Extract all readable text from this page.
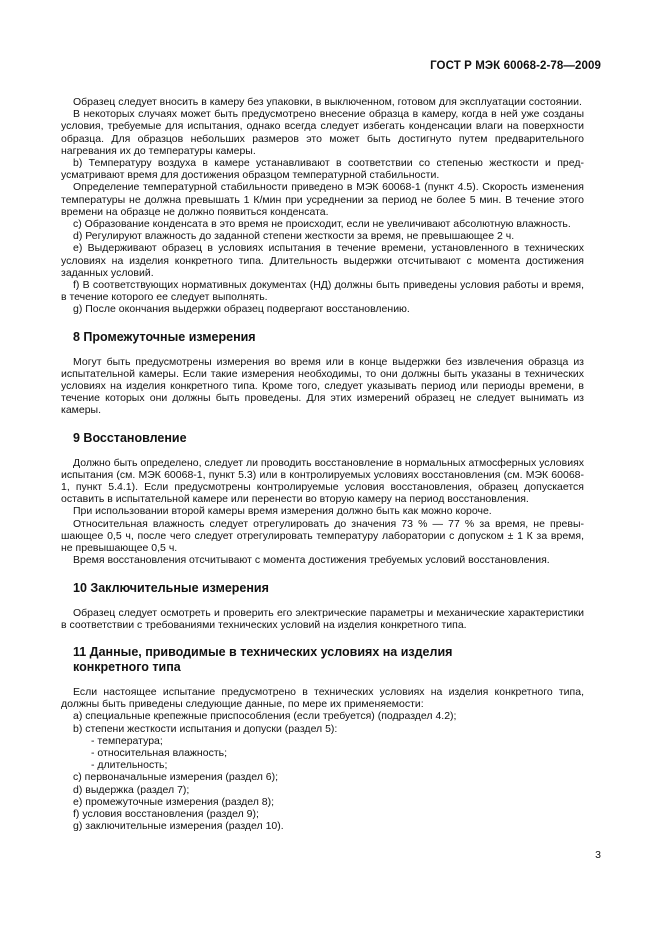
ГОСТ Р МЭК 60068-2-78—2009

Образец следует вносить в камеру без упаковки, в выключенном, готовом для эксплуатации состоянии.

В некоторых случаях может быть предусмотрено внесение образца в камеру, когда в ней уже созданы условия, требуемые для испытания, однако всегда следует избегать конденсации влаги на поверхности образца. Для образцов небольших размеров это может быть достигнуто путем предварительного нагревания их до температуры камеры.

b) Температуру воздуха в камере устанавливают в соответствии со степенью жесткости и предусматривают время для достижения образцом температурной стабильности.

Определение температурной стабильности приведено в МЭК 60068-1 (пункт 4.5). Скорость изменения температуры не должна превышать 1 К/мин при усреднении за период не более 5 мин. В течение этого времени на образце не должно появиться конденсата.

c) Образование конденсата в это время не происходит, если не увеличивают абсолютную влажность.

d) Регулируют влажность до заданной степени жесткости за время, не превышающее 2 ч.

e) Выдерживают образец в условиях испытания в течение времени, установленного в технических условиях на изделия конкретного типа. Длительность выдержки отсчитывают с момента достижения заданных условий.

f) В соответствующих нормативных документах (НД) должны быть приведены условия работы и время, в течение которого ее следует выполнять.

g) После окончания выдержки образец подвергают восстановлению.

8 Промежуточные измерения

Могут быть предусмотрены измерения во время или в конце выдержки без извлечения образца из испытательной камеры. Если такие измерения необходимы, то они должны быть указаны в технических условиях на изделия конкретного типа. Кроме того, следует указывать период или периоды времени, в течение которых они должны быть проведены. Для этих измерений образец не следует вынимать из камеры.

9 Восстановление

Должно быть определено, следует ли проводить восстановление в нормальных атмосферных условиях испытания (см. МЭК 60068-1, пункт 5.3) или в контролируемых условиях восстановления (см. МЭК 60068-1, пункт 5.4.1). Если предусмотрены контролируемые условия восстановления, образец допускается оставить в испытательной камере или перенести во вторую камеру на период восстановления.

При использовании второй камеры время измерения должно быть как можно короче.

Относительная влажность следует отрегулировать до значения 73 % — 77 % за время, не превышающее 0,5 ч, после чего следует отрегулировать температуру лаборатории с допуском ± 1 К за время, не превышающее 0,5 ч.

Время восстановления отсчитывают с момента достижения требуемых условий восстановления.

10 Заключительные измерения

Образец следует осмотреть и проверить его электрические параметры и механические характеристики в соответствии с требованиями технических условий на изделия конкретного типа.

11 Данные, приводимые в технических условиях на изделия
конкретного типа

Если настоящее испытание предусмотрено в технических условиях на изделия конкретного типа, должны быть приведены следующие данные, по мере их применяемости:

a) специальные крепежные приспособления (если требуется) (подраздел 4.2);

b) степени жесткости испытания и допуски (раздел 5):

- температура;

- относительная влажность;

- длительность;

c) первоначальные измерения (раздел 6);

d) выдержка (раздел 7);

e) промежуточные измерения (раздел 8);

f) условия восстановления (раздел 9);

g) заключительные измерения (раздел 10).

3
